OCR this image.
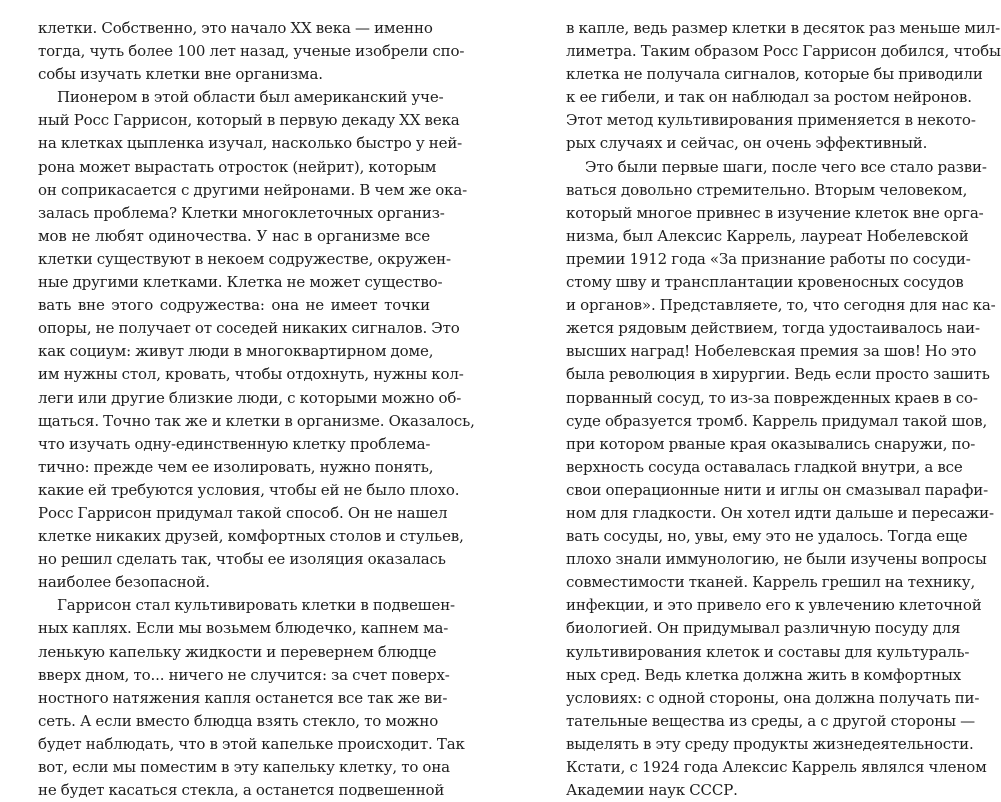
клетки. Собственно, это начало XX века — именно
тогда, чуть более 100 лет назад, ученые изобрели спо-
собы изучать клетки вне организма.
Пионером в этой области был американский уче-
ный Росс Гаррисон, который в первую декаду XX века
на клетках цыпленка изучал, насколько быстро у ней-
рона может вырастать отросток (нейрит), которым
он соприкасается с другими нейронами. В чем же ока-
залась проблема? Клетки многоклеточных организ-
мов не любят одиночества. У нас в организме все
клетки существуют в некоем содружестве, окружен-
ные другими клетками. Клетка не может существо-
вать вне этого содружества: она не имеет точки
опоры, не получает от соседей никаких сигналов. Это
как социум: живут люди в многоквартирном доме,
им нужны стол, кровать, чтобы отдохнуть, нужны кол-
леги или другие близкие люди, с которыми можно об-
щаться. Точно так же и клетки в организме. Оказалось,
что изучать одну-единственную клетку проблема-
тично: прежде чем ее изолировать, нужно понять,
какие ей требуются условия, чтобы ей не было плохо.
Росс Гаррисон придумал такой способ. Он не нашел
клетке никаких друзей, комфортных столов и стульев,
но решил сделать так, чтобы ее изоляция оказалась
наиболее безопасной.
Гаррисон стал культивировать клетки в подвешен-
ных каплях. Если мы возьмем блюдечко, капнем ма-
ленькую капельку жидкости и перевернем блюдце
вверх дном, то... ничего не случится: за счет поверх-
ностного натяжения капля останется все так же ви-
сеть. А если вместо блюдца взять стекло, то можно
будет наблюдать, что в этой капельке происходит. Так
вот, если мы поместим в эту капельку клетку, то она
не будет касаться стекла, а останется подвешенной
в капле, ведь размер клетки в десяток раз меньше мил-
лиметра. Таким образом Росс Гаррисон добился, чтобы
клетка не получала сигналов, которые бы приводили
к ее гибели, и так он наблюдал за ростом нейронов.
Этот метод культивирования применяется в некото-
рых случаях и сейчас, он очень эффективный.
Это были первые шаги, после чего все стало разви-
ваться довольно стремительно. Вторым человеком,
который многое привнес в изучение клеток вне орга-
низма, был Алексис Каррель, лауреат Нобелевской
премии 1912 года «За признание работы по сосуди-
стому шву и трансплантации кровеносных сосудов
и органов». Представляете, то, что сегодня для нас ка-
жется рядовым действием, тогда удостаивалось наи-
высших наград! Нобелевская премия за шов! Но это
была революция в хирургии. Ведь если просто зашить
порванный сосуд, то из-за поврежденных краев в со-
суде образуется тромб. Каррель придумал такой шов,
при котором рваные края оказывались снаружи, по-
верхность сосуда оставалась гладкой внутри, а все
свои операционные нити и иглы он смазывал парафи-
ном для гладкости. Он хотел идти дальше и пересажи-
вать сосуды, но, увы, ему это не удалось. Тогда еще
плохо знали иммунологию, не были изучены вопросы
совместимости тканей. Каррель грешил на технику,
инфекции, и это привело его к увлечению клеточной
биологией. Он придумывал различную посуду для
культивирования клеток и составы для культураль-
ных сред. Ведь клетка должна жить в комфортных
условиях: с одной стороны, она должна получать пи-
тательные вещества из среды, а с другой стороны —
выделять в эту среду продукты жизнедеятельности.
Кстати, с 1924 года Алексис Каррель являлся членом
Академии наук СССР.
